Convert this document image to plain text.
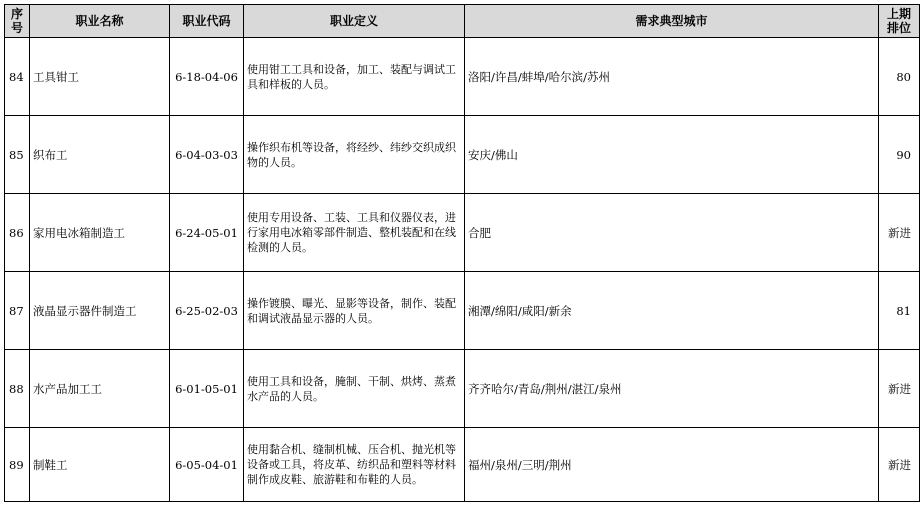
序号	职业名称	职业代码	职业定义	需求典型城市	上期排位
84	工具钳工	6-18-04-06	使用钳工工具和设备，加工、装配与调试工具和样板的人员。	洛阳/许昌/蚌埠/哈尔滨/苏州	80
85	织布工	6-04-03-03	操作织布机等设备，将经纱、纬纱交织成织物的人员。	安庆/佛山	90
86	家用电冰箱制造工	6-24-05-01	使用专用设备、工装、工具和仪器仪表，进行家用电冰箱零部件制造、整机装配和在线检测的人员。	合肥	新进
87	液晶显示器件制造工	6-25-02-03	操作镀膜、曝光、显影等设备，制作、装配和调试液晶显示器的人员。	湘潭/绵阳/咸阳/新余	81
88	水产品加工工	6-01-05-01	使用工具和设备，腌制、干制、烘烤、蒸煮水产品的人员。	齐齐哈尔/青岛/荆州/湛江/泉州	新进
89	制鞋工	6-05-04-01	使用黏合机、缝制机械、压合机、抛光机等设备或工具，将皮革、纺织品和塑料等材料制作成皮鞋、旅游鞋和布鞋的人员。	福州/泉州/三明/荆州	新进
